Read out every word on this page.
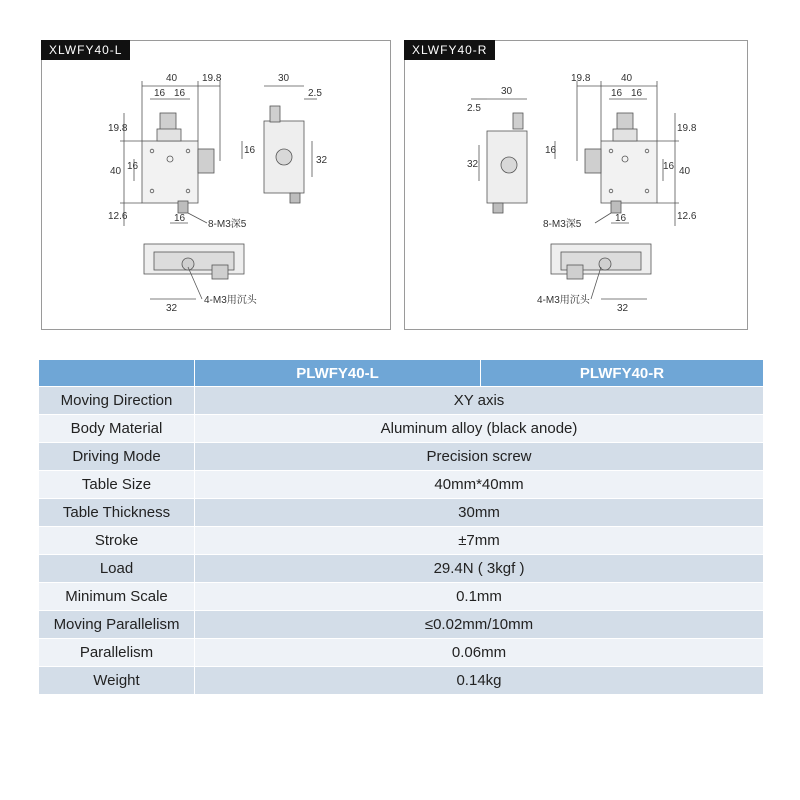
XLWFY40-L
40
16 16
19.8
19.8
40 16
12.6
16
16
8-M3深5
30
2.5
32
32
4-M3用沉头
XLWFY40-R
30
2.5
32
40
16 16
19.8
19.8
40
16
12.6
16
16
8-M3深5
32
4-M3用沉头
	PLWFY40-L	PLWFY40-R
Moving Direction	XY axis	
Body Material	Aluminum alloy (black anode)	
Driving Mode	Precision screw	
Table Size	40mm*40mm	
Table Thickness	30mm	
Stroke	±7mm	
Load	29.4N ( 3kgf )	
Minimum Scale	0.1mm	
Moving Parallelism	≤0.02mm/10mm	
Parallelism	0.06mm	
Weight	0.14kg	
